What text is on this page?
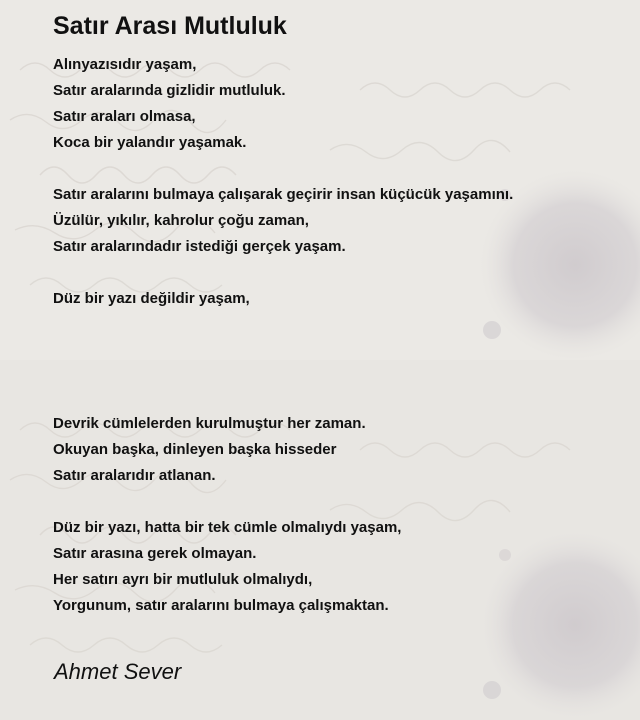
Satır Arası Mutluluk
Alınyazısıdır yaşam,
Satır aralarında gizlidir mutluluk.
Satır araları olmasa,
Koca bir yalandır yaşamak.
Satır aralarını bulmaya çalışarak geçirir insan küçücük yaşamını.
Üzülür, yıkılır, kahrolur çoğu zaman,
Satır aralarındadır istediği gerçek yaşam.
Düz bir yazı değildir yaşam,
Devrik cümlelerden kurulmuştur her zaman.
Okuyan başka, dinleyen başka hisseder
Satır aralarıdır atlanan.
Düz bir yazı, hatta bir tek cümle olmalıydı yaşam,
Satır arasına gerek olmayan.
Her satırı ayrı bir mutluluk olmalıydı,
Yorgunum, satır aralarını bulmaya çalışmaktan.
Ahmet Sever
